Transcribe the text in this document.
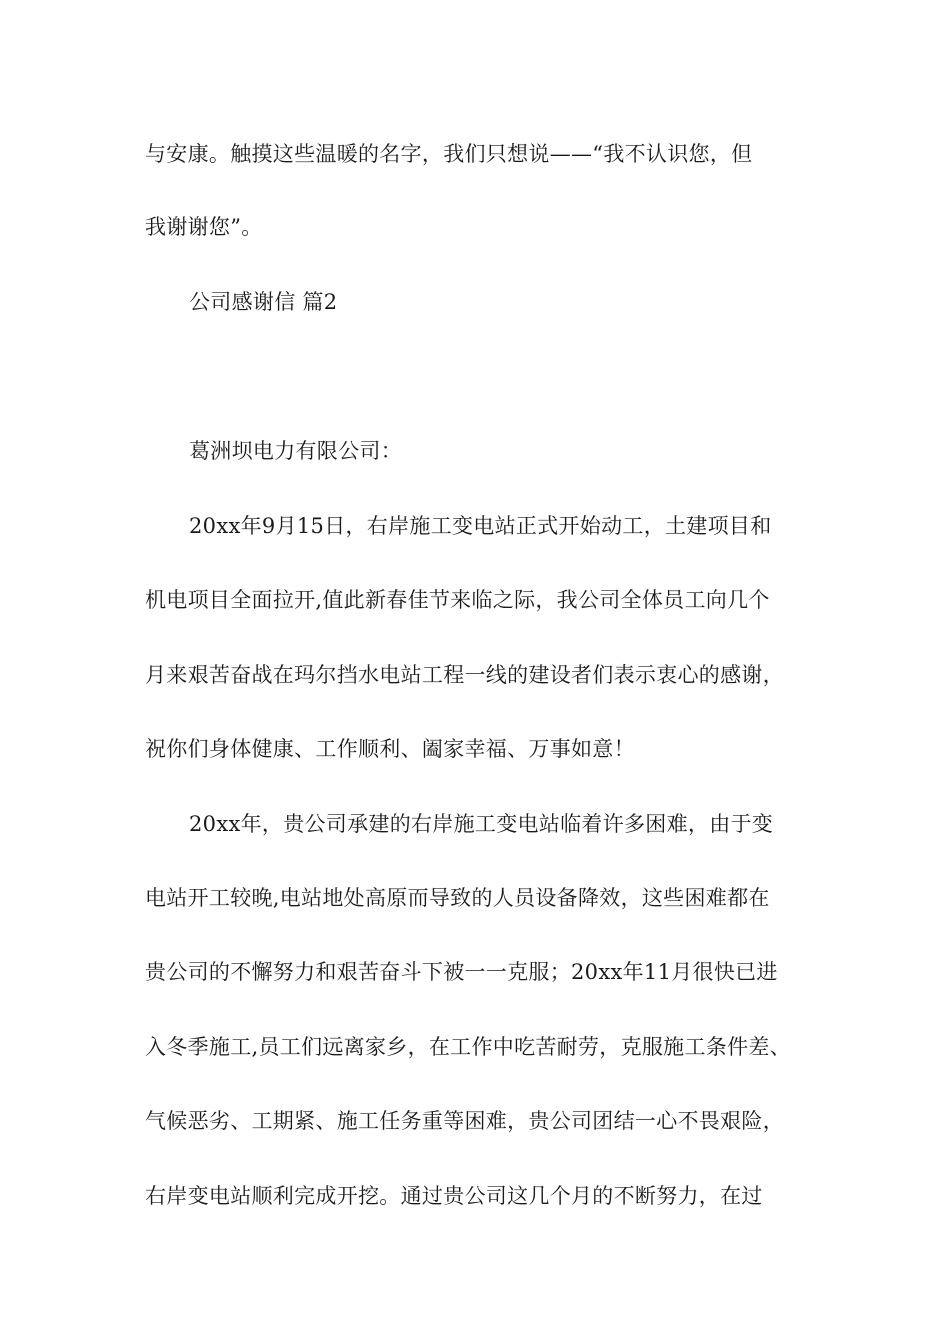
与安康。触摸这些温暖的名字，我们只想说——“我不认识您，但
我谢谢您”。
公司感谢信 篇2
葛洲坝电力有限公司：
20xx年9月15日，右岸施工变电站正式开始动工，土建项目和
机电项目全面拉开,值此新春佳节来临之际，我公司全体员工向几个
月来艰苦奋战在玛尔挡水电站工程一线的建设者们表示衷心的感谢，
祝你们身体健康、工作顺利、阖家幸福、万事如意！
20xx年，贵公司承建的右岸施工变电站临着许多困难，由于变
电站开工较晚,电站地处高原而导致的人员设备降效，这些困难都在
贵公司的不懈努力和艰苦奋斗下被一一克服；20xx年11月很快已进
入冬季施工,员工们远离家乡，在工作中吃苦耐劳，克服施工条件差、
气候恶劣、工期紧、施工任务重等困难，贵公司团结一心不畏艰险，
右岸变电站顺利完成开挖。通过贵公司这几个月的不断努力，在过
